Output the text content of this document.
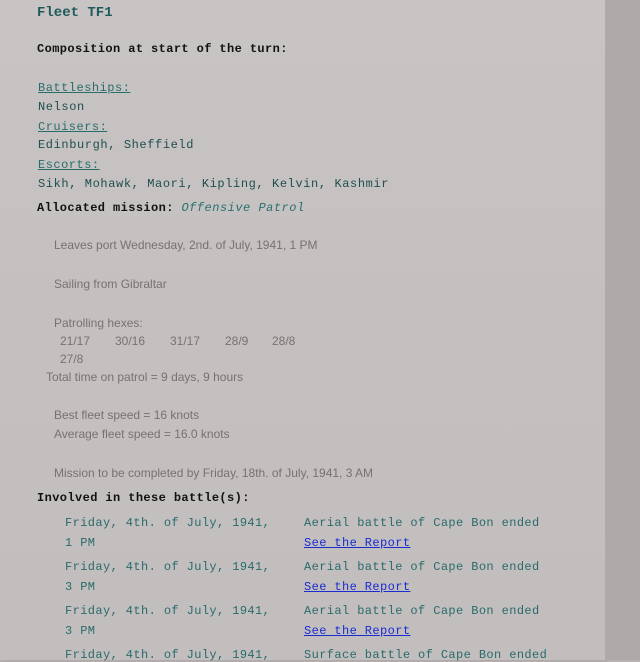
Fleet TF1
Composition at start of the turn:
Battleships:
Nelson
Cruisers:
Edinburgh, Sheffield
Escorts:
Sikh, Mohawk, Maori, Kipling, Kelvin, Kashmir
Allocated mission: Offensive Patrol
Leaves port Wednesday, 2nd. of July, 1941, 1 PM
Sailing from Gibraltar
Patrolling hexes:
21/17 30/16 31/17 28/9 28/8
27/8
Total time on patrol = 9 days, 9 hours
Best fleet speed = 16 knots
Average fleet speed = 16.0 knots
Mission to be completed by Friday, 18th. of July, 1941, 3 AM
Involved in these battle(s):
Friday, 4th. of July, 1941,	Aerial battle of Cape Bon ended
1 PM	See the Report
Friday, 4th. of July, 1941,	Aerial battle of Cape Bon ended
3 PM	See the Report
Friday, 4th. of July, 1941,	Aerial battle of Cape Bon ended
3 PM	See the Report
Friday, 4th. of July, 1941,	Surface battle of Cape Bon ended
